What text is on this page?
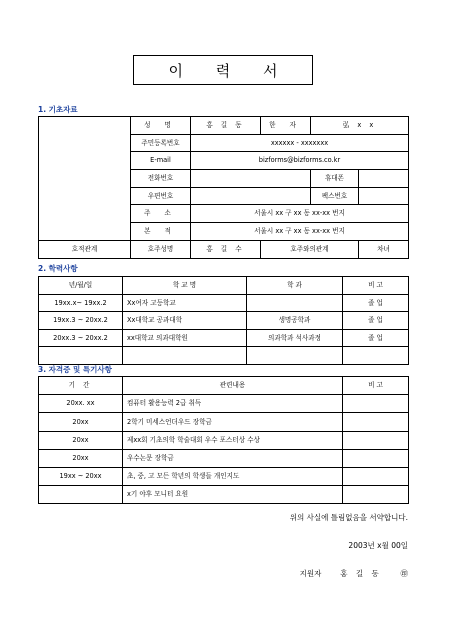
이 력 서
1. 기초자료
	성 명	홍 길 동	한 자	弘 x x	
	주민등록번호	xxxxxx - xxxxxxx			
	E-mail	bizforms@bizforms.co.kr			
	전화번호			휴대폰	
	우편번호			팩스번호	
	주 소	서울시 xx 구 xx 동 xx-xx 번지			
	본 적	서울시 xx 구 xx 동 xx-xx 번지			
호적관계	호주성명	홍 길 수	호주와의관계		차녀
2. 학력사항
년/월/일	학 교 명	학 과	비 고
19xx.x~ 19xx.2	Xx여자 고등학교		졸 업
19xx.3 ~ 20xx.2	Xx대학교 공과대학	생명공학과	졸 업
20xx.3 ~ 20xx.2	xx대학교 의과대학원	의과학과 석사과정	졸 업

3. 자격증 및 특기사항
기 간	관련내용	비 고
20xx. xx	컴퓨터 활용능력 2급 취득	
20xx	2학기 미세스언더우드 장학금	
20xx	제xx회 기초의학 학술대회 우수 포스터상 수상	
20xx	우수논문 장학금	
19xx ~ 20xx	초, 중, 고 모든 학년의 학생들 개인지도	
	x기 야후 모니터 요원	
위의 사실에 틀림없음을 서약합니다.
2003년 x월 00일
지원자	홍 길 동	㊞
